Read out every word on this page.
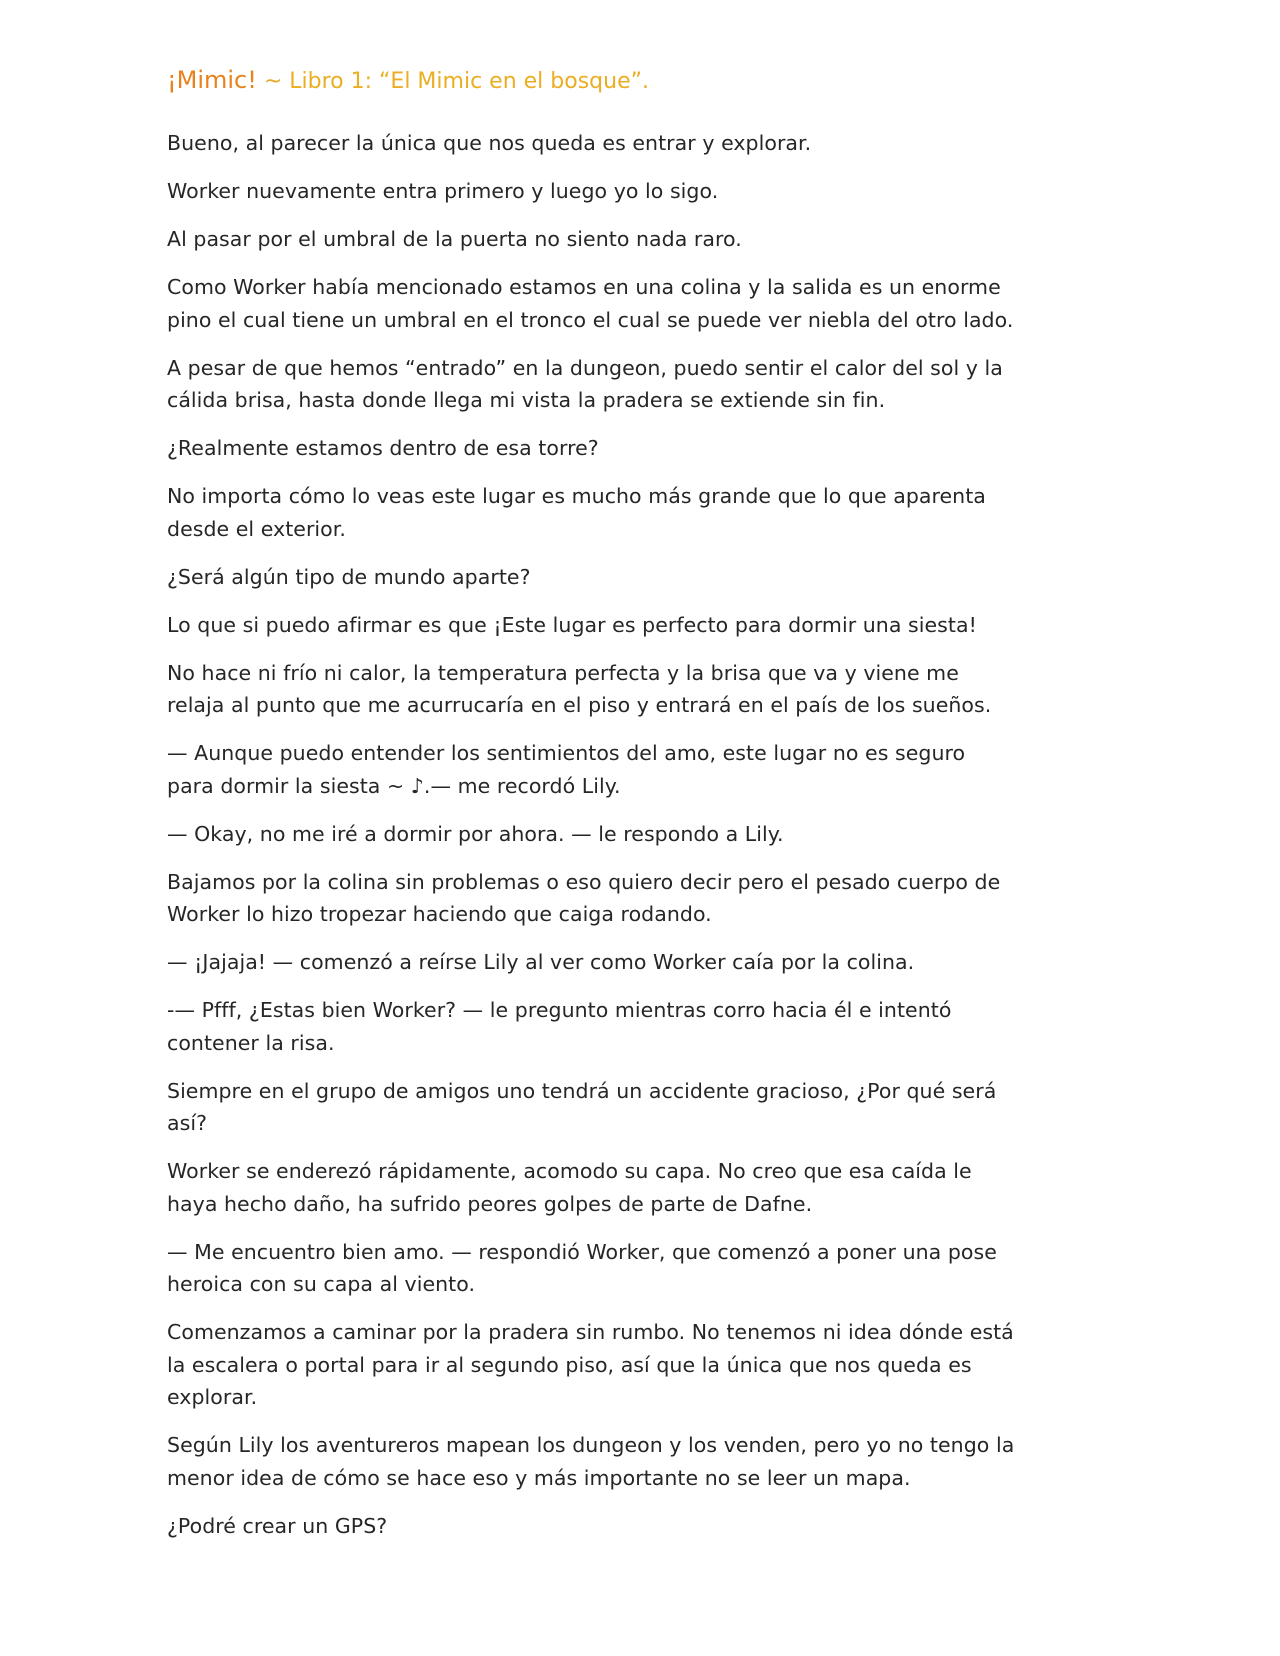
¡Mimic! ~ Libro 1: “El Mimic en el bosque”.

Bueno, al parecer la única que nos queda es entrar y explorar.

Worker nuevamente entra primero y luego yo lo sigo.

Al pasar por el umbral de la puerta no siento nada raro.

Como Worker había mencionado estamos en una colina y la salida es un enorme pino el cual tiene un umbral en el tronco el cual se puede ver niebla del otro lado.

A pesar de que hemos “entrado” en la dungeon, puedo sentir el calor del sol y la cálida brisa, hasta donde llega mi vista la pradera se extiende sin fin.

¿Realmente estamos dentro de esa torre?

No importa cómo lo veas este lugar es mucho más grande que lo que aparenta desde el exterior.

¿Será algún tipo de mundo aparte?

Lo que si puedo afirmar es que ¡Este lugar es perfecto para dormir una siesta!

No hace ni frío ni calor, la temperatura perfecta y la brisa que va y viene me relaja al punto que me acurrucaría en el piso y entrará en el país de los sueños.

— Aunque puedo entender los sentimientos del amo, este lugar no es seguro para dormir la siesta ~ ♪.— me recordó Lily.

— Okay, no me iré a dormir por ahora. — le respondo a Lily.

Bajamos por la colina sin problemas o eso quiero decir pero el pesado cuerpo de Worker lo hizo tropezar haciendo que caiga rodando.

— ¡Jajaja! — comenzó a reírse Lily al ver como Worker caía por la colina.

-— Pfff, ¿Estas bien Worker? — le pregunto mientras corro hacia él e intentó contener la risa.

Siempre en el grupo de amigos uno tendrá un accidente gracioso, ¿Por qué será así?

Worker se enderezó rápidamente, acomodo su capa. No creo que esa caída le haya hecho daño, ha sufrido peores golpes de parte de Dafne.

— Me encuentro bien amo. — respondió Worker, que comenzó a poner una pose heroica con su capa al viento.

Comenzamos a caminar por la pradera sin rumbo. No tenemos ni idea dónde está la escalera o portal para ir al segundo piso, así que la única que nos queda es explorar.

Según Lily los aventureros mapean los dungeon y los venden, pero yo no tengo la menor idea de cómo se hace eso y más importante no se leer un mapa.

¿Podré crear un GPS?
